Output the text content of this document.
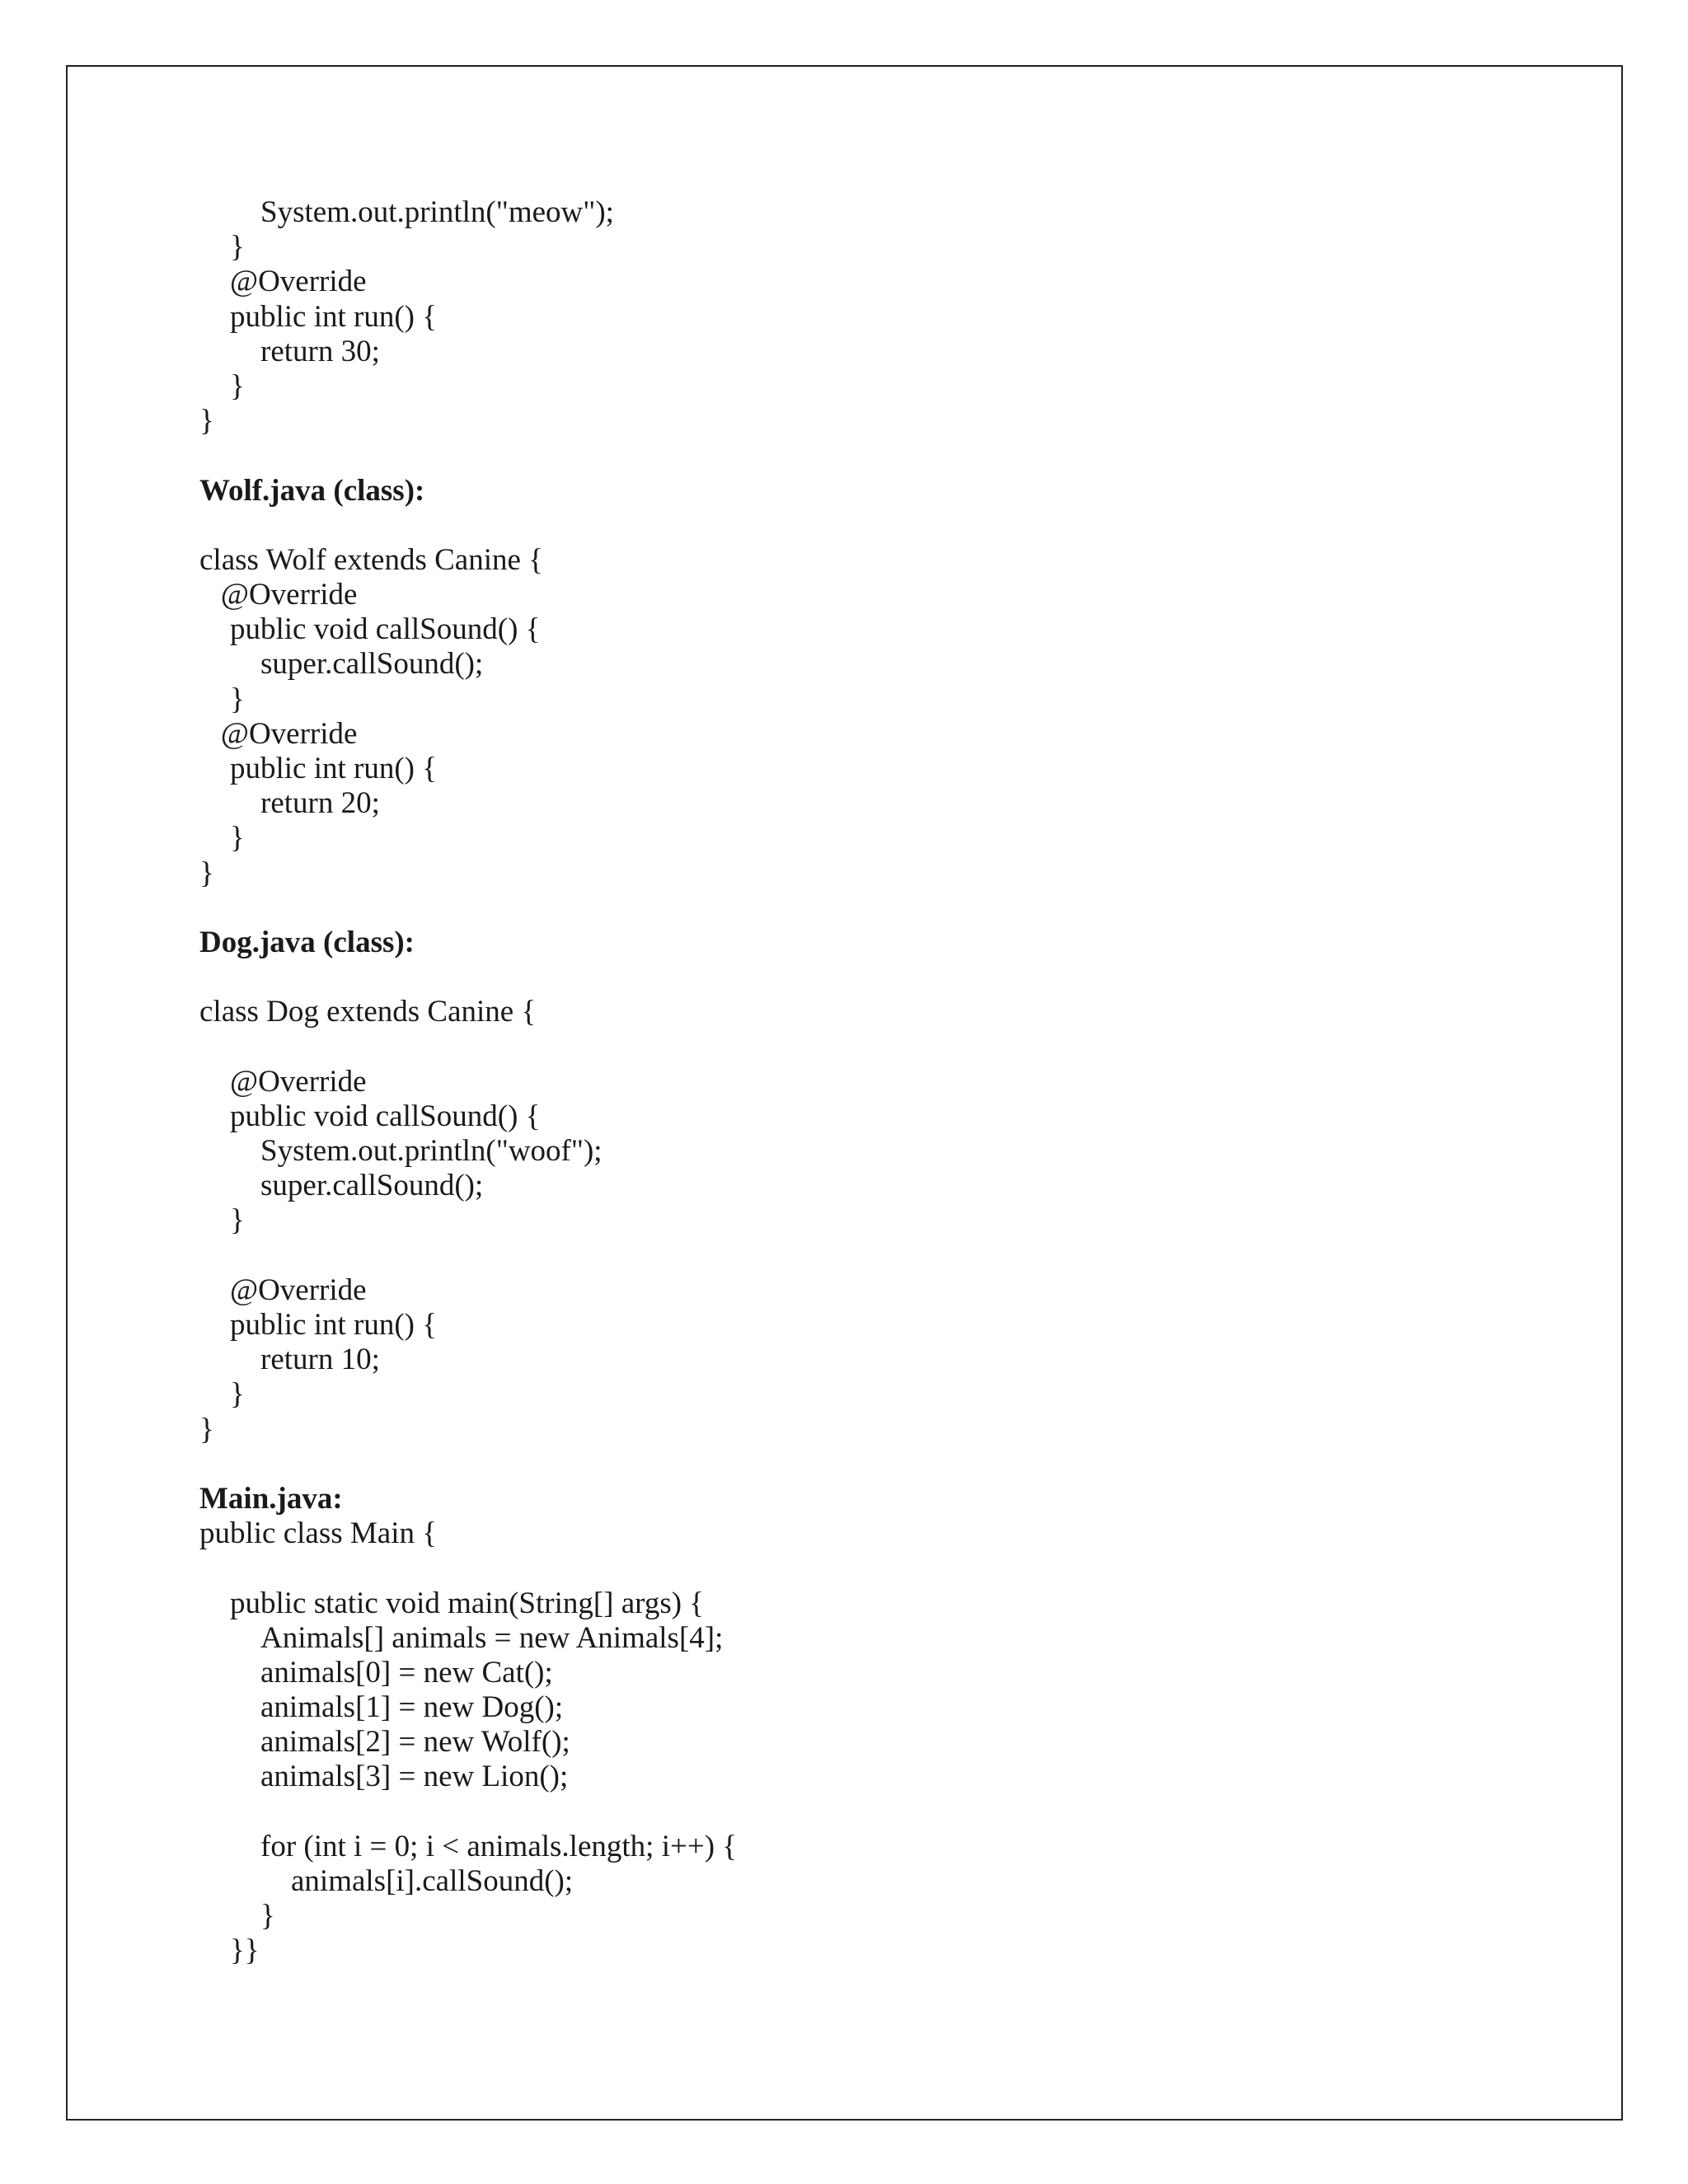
System.out.println("meow");
}
@Override
public int run() {
return 30;
}
}
Wolf.java (class):
class Wolf extends Canine {
@Override
public void callSound() {
super.callSound();
}
@Override
public int run() {
return 20;
}
}
Dog.java (class):
class Dog extends Canine {
@Override
public void callSound() {
System.out.println("woof");
super.callSound();
}
@Override
public int run() {
return 10;
}
}
Main.java:
public class Main {
public static void main(String[] args) {
Animals[] animals = new Animals[4];
animals[0] = new Cat();
animals[1] = new Dog();
animals[2] = new Wolf();
animals[3] = new Lion();
for (int i = 0; i < animals.length; i++) {
animals[i].callSound();
}
}}
